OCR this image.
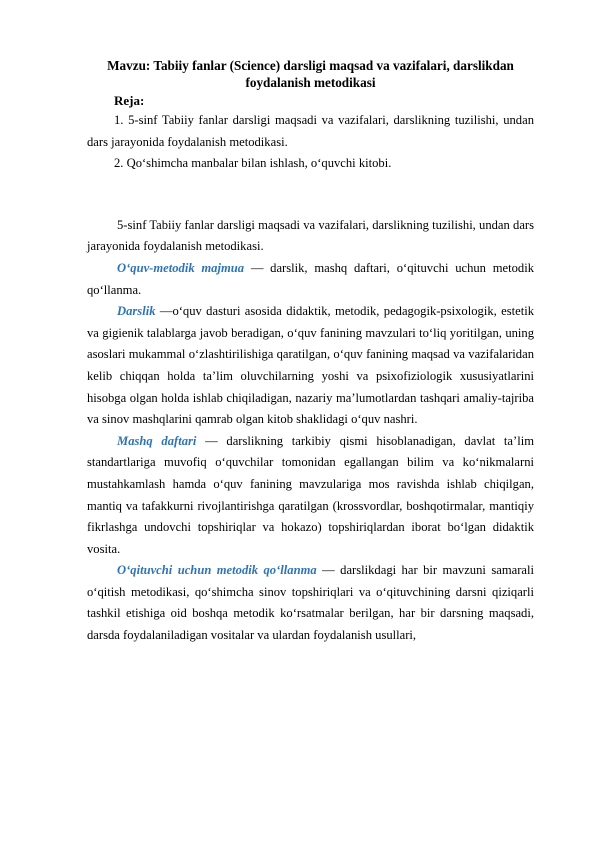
Mavzu: Tabiiy fanlar (Science) darsligi maqsad va vazifalari, darslikdan foydalanish metodikasi
Reja:

1. 5-sinf Tabiiy fanlar darsligi maqsadi va vazifalari, darslikning tuzilishi, undan dars jarayonida foydalanish metodikasi.

2. Qo‘shimcha manbalar bilan ishlash, o‘quvchi kitobi.

5-sinf Tabiiy fanlar darsligi maqsadi va vazifalari, darslikning tuzilishi, undan dars jarayonida foydalanish metodikasi.

O‘quv-metodik majmua — darslik, mashq daftari, o‘qituvchi uchun metodik qo‘llanma.

Darslik —o‘quv dasturi asosida didaktik, metodik, pedagogik-psixologik, estetik va gigienik talablarga javob beradigan, o‘quv fanining mavzulari to‘liq yoritilgan, uning asoslari mukammal o‘zlashtirilishiga qaratilgan, o‘quv fanining maqsad va vazifalaridan kelib chiqqan holda ta’lim oluvchilarning yoshi va psixofiziologik xususiyatlarini hisobga olgan holda ishlab chiqiladigan, nazariy ma’lumotlardan tashqari amaliy-tajriba va sinov mashqlarini qamrab olgan kitob shaklidagi o‘quv nashri.

Mashq daftari — darslikning tarkibiy qismi hisoblanadigan, davlat ta’lim standartlariga muvofiq o‘quvchilar tomonidan egallangan bilim va ko‘nikmalarni mustahkamlash hamda o‘quv fanining mavzulariga mos ravishda ishlab chiqilgan, mantiq va tafakkurni rivojlantirishga qaratilgan (krossvordlar, boshqotirmalar, mantiqiy fikrlashga undovchi topshiriqlar va hokazo) topshiriqlardan iborat bo‘lgan didaktik vosita.

O‘qituvchi uchun metodik qo‘llanma — darslikdagi har bir mavzuni samarali o‘qitish metodikasi, qo‘shimcha sinov topshiriqlari va o‘qituvchining darsni qiziqarli tashkil etishiga oid boshqa metodik ko‘rsatmalar berilgan, har bir darsning maqsadi, darsda foydalaniladigan vositalar va ulardan foydalanish usullari,
